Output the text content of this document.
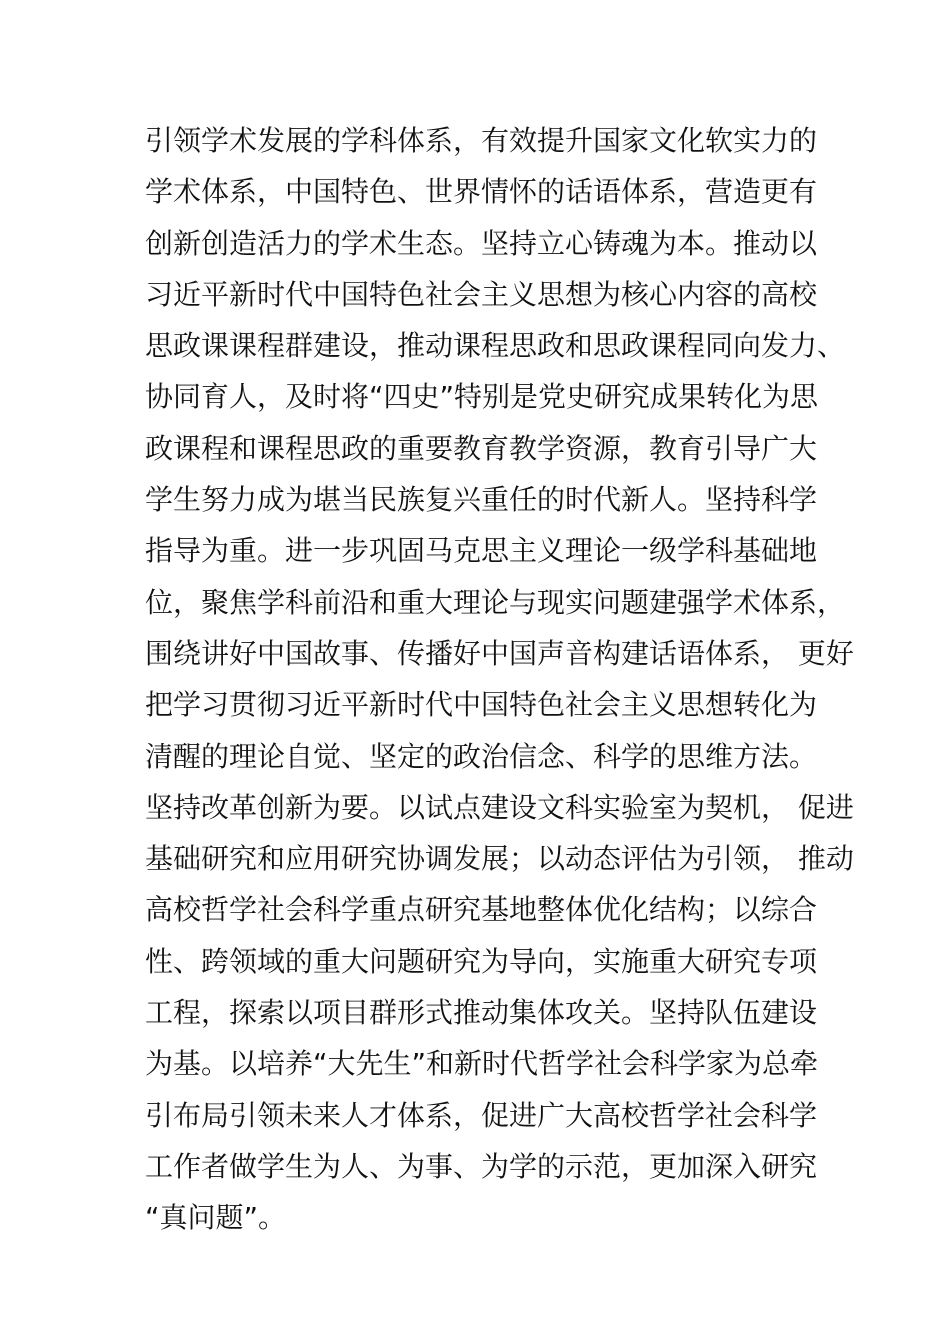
引领学术发展的学科体系，有效提升国家文化软实力的
学术体系，中国特色、世界情怀的话语体系，营造更有
创新创造活力的学术生态。坚持立心铸魂为本。推动以
习近平新时代中国特色社会主义思想为核心内容的高校
思政课课程群建设，推动课程思政和思政课程同向发力、
协同育人，及时将“四史”特别是党史研究成果转化为思
政课程和课程思政的重要教育教学资源，教育引导广大
学生努力成为堪当民族复兴重任的时代新人。坚持科学
指导为重。进一步巩固马克思主义理论一级学科基础地
位，聚焦学科前沿和重大理论与现实问题建强学术体系，
围绕讲好中国故事、传播好中国声音构建话语体系， 更好
把学习贯彻习近平新时代中国特色社会主义思想转化为
清醒的理论自觉、坚定的政治信念、科学的思维方法。
坚持改革创新为要。以试点建设文科实验室为契机， 促进
基础研究和应用研究协调发展；以动态评估为引领， 推动
高校哲学社会科学重点研究基地整体优化结构；以综合
性、跨领域的重大问题研究为导向，实施重大研究专项
工程，探索以项目群形式推动集体攻关。坚持队伍建设
为基。以培养“大先生”和新时代哲学社会科学家为总牵
引布局引领未来人才体系，促进广大高校哲学社会科学
工作者做学生为人、为事、为学的示范，更加深入研究
“真问题”。
